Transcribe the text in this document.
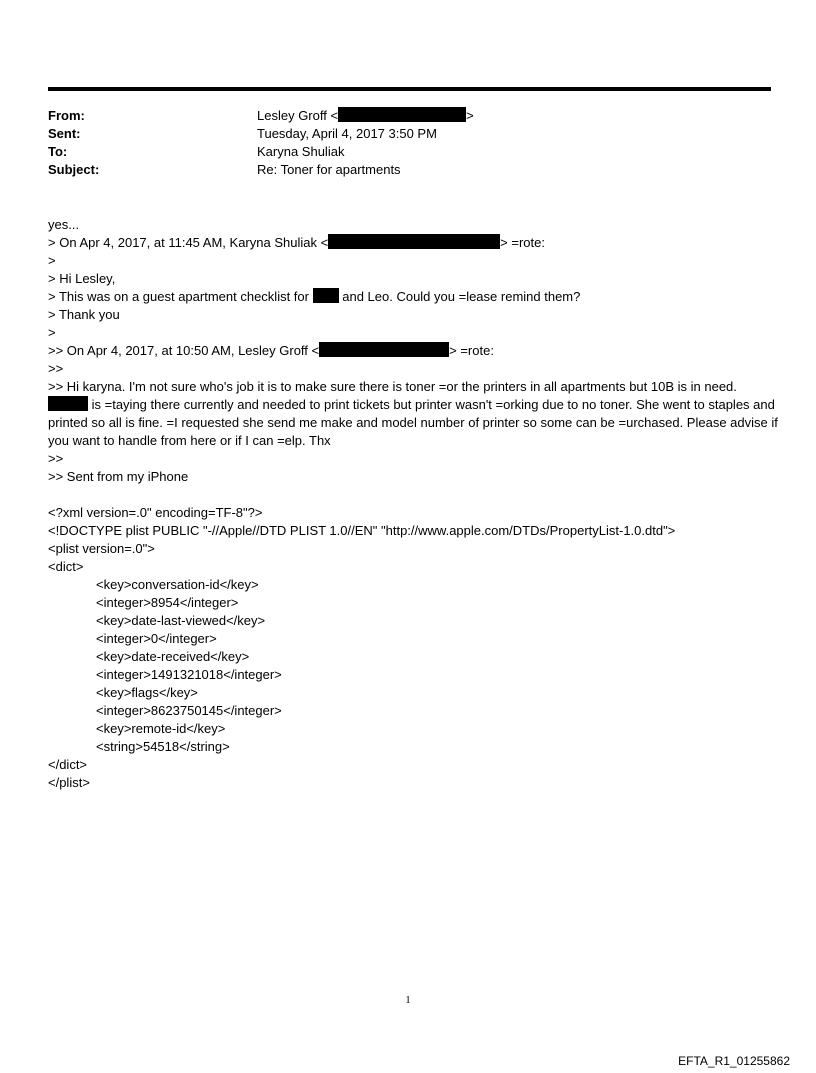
From:	Lesley Groff <	>
Sent:	Tuesday, April 4, 2017 3:50 PM
To:	Karyna Shuliak
Subject:	Re: Toner for apartments
yes...
> On Apr 4, 2017, at 11:45 AM, Karyna Shuliak <	> =rote:
>
> Hi Lesley,
> This was on a guest apartment checklist for	and Leo. Could you =lease remind them?
> Thank you
>
>> On Apr 4, 2017, at 10:50 AM, Lesley Groff <	> =rote:
>>
>> Hi karyna. I'm not sure who's job it is to make sure there is toner =or the printers in all apartments but 10B is in need.
is =taying there currently and needed to print tickets but printer wasn't =orking due to no toner. She went to staples and printed so all is fine. =I requested she send me make and model number of printer so some can be =urchased. Please advise if you want to handle from here or if I can =elp. Thx
>>
>> Sent from my iPhone
<?xml version=.0" encoding=TF-8"?>
<!DOCTYPE plist PUBLIC "-//Apple//DTD PLIST 1.0//EN" "http://www.apple.com/DTDs/PropertyList-1.0.dtd">
<plist version=.0">
<dict>
<key>conversation-id</key>
<integer>8954</integer>
<key>date-last-viewed</key>
<integer>0</integer>
<key>date-received</key>
<integer>1491321018</integer>
<key>flags</key>
<integer>8623750145</integer>
<key>remote-id</key>
<string>54518</string>
</dict>
</plist>
1
EFTA_R1_01255862
